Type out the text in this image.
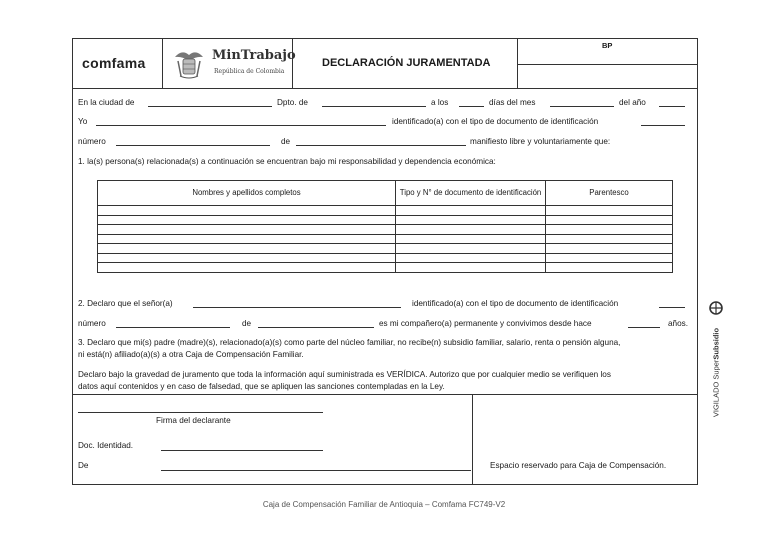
comfama	MinTrabajo
República de Colombia
DECLARACIÓN JURAMENTADA
BP
En la ciudad de	Dpto. de	a los	días del mes	del año
Yo	identificado(a) con el tipo de documento de identificación
número	de	manifiesto libre y voluntariamente que:
1. la(s) persona(s) relacionada(s) a continuación se encuentran bajo mi responsabilidad y dependencia económica:
Nombres y apellidos completos	Tipo y N° de documento de identificación	Parentesco

2. Declaro que el señor(a)	identificado(a) con el tipo de documento de identificación
número	de	es mi compañero(a) permanente y convivimos desde hace	años.
3. Declaro que mi(s) padre (madre)(s), relacionado(a)(s) como parte del núcleo familiar, no recibe(n) subsidio familiar, salario, renta o pensión alguna,
ni está(n) afiliado(a)(s) a otra Caja de Compensación Familiar.
Declaro bajo la gravedad de juramento que toda la información aquí suministrada es VERÍDICA. Autorizo que por cualquier medio se verifiquen los
datos aquí contenidos y en caso de falsedad, que se apliquen las sanciones contempladas en la Ley.
Firma del declarante
Doc. Identidad.
De	Espacio reservado para Caja de Compensación.
VIGILADO SuperSubsidio
Caja de Compensación Familiar de Antioquia – Comfama FC749-V2
